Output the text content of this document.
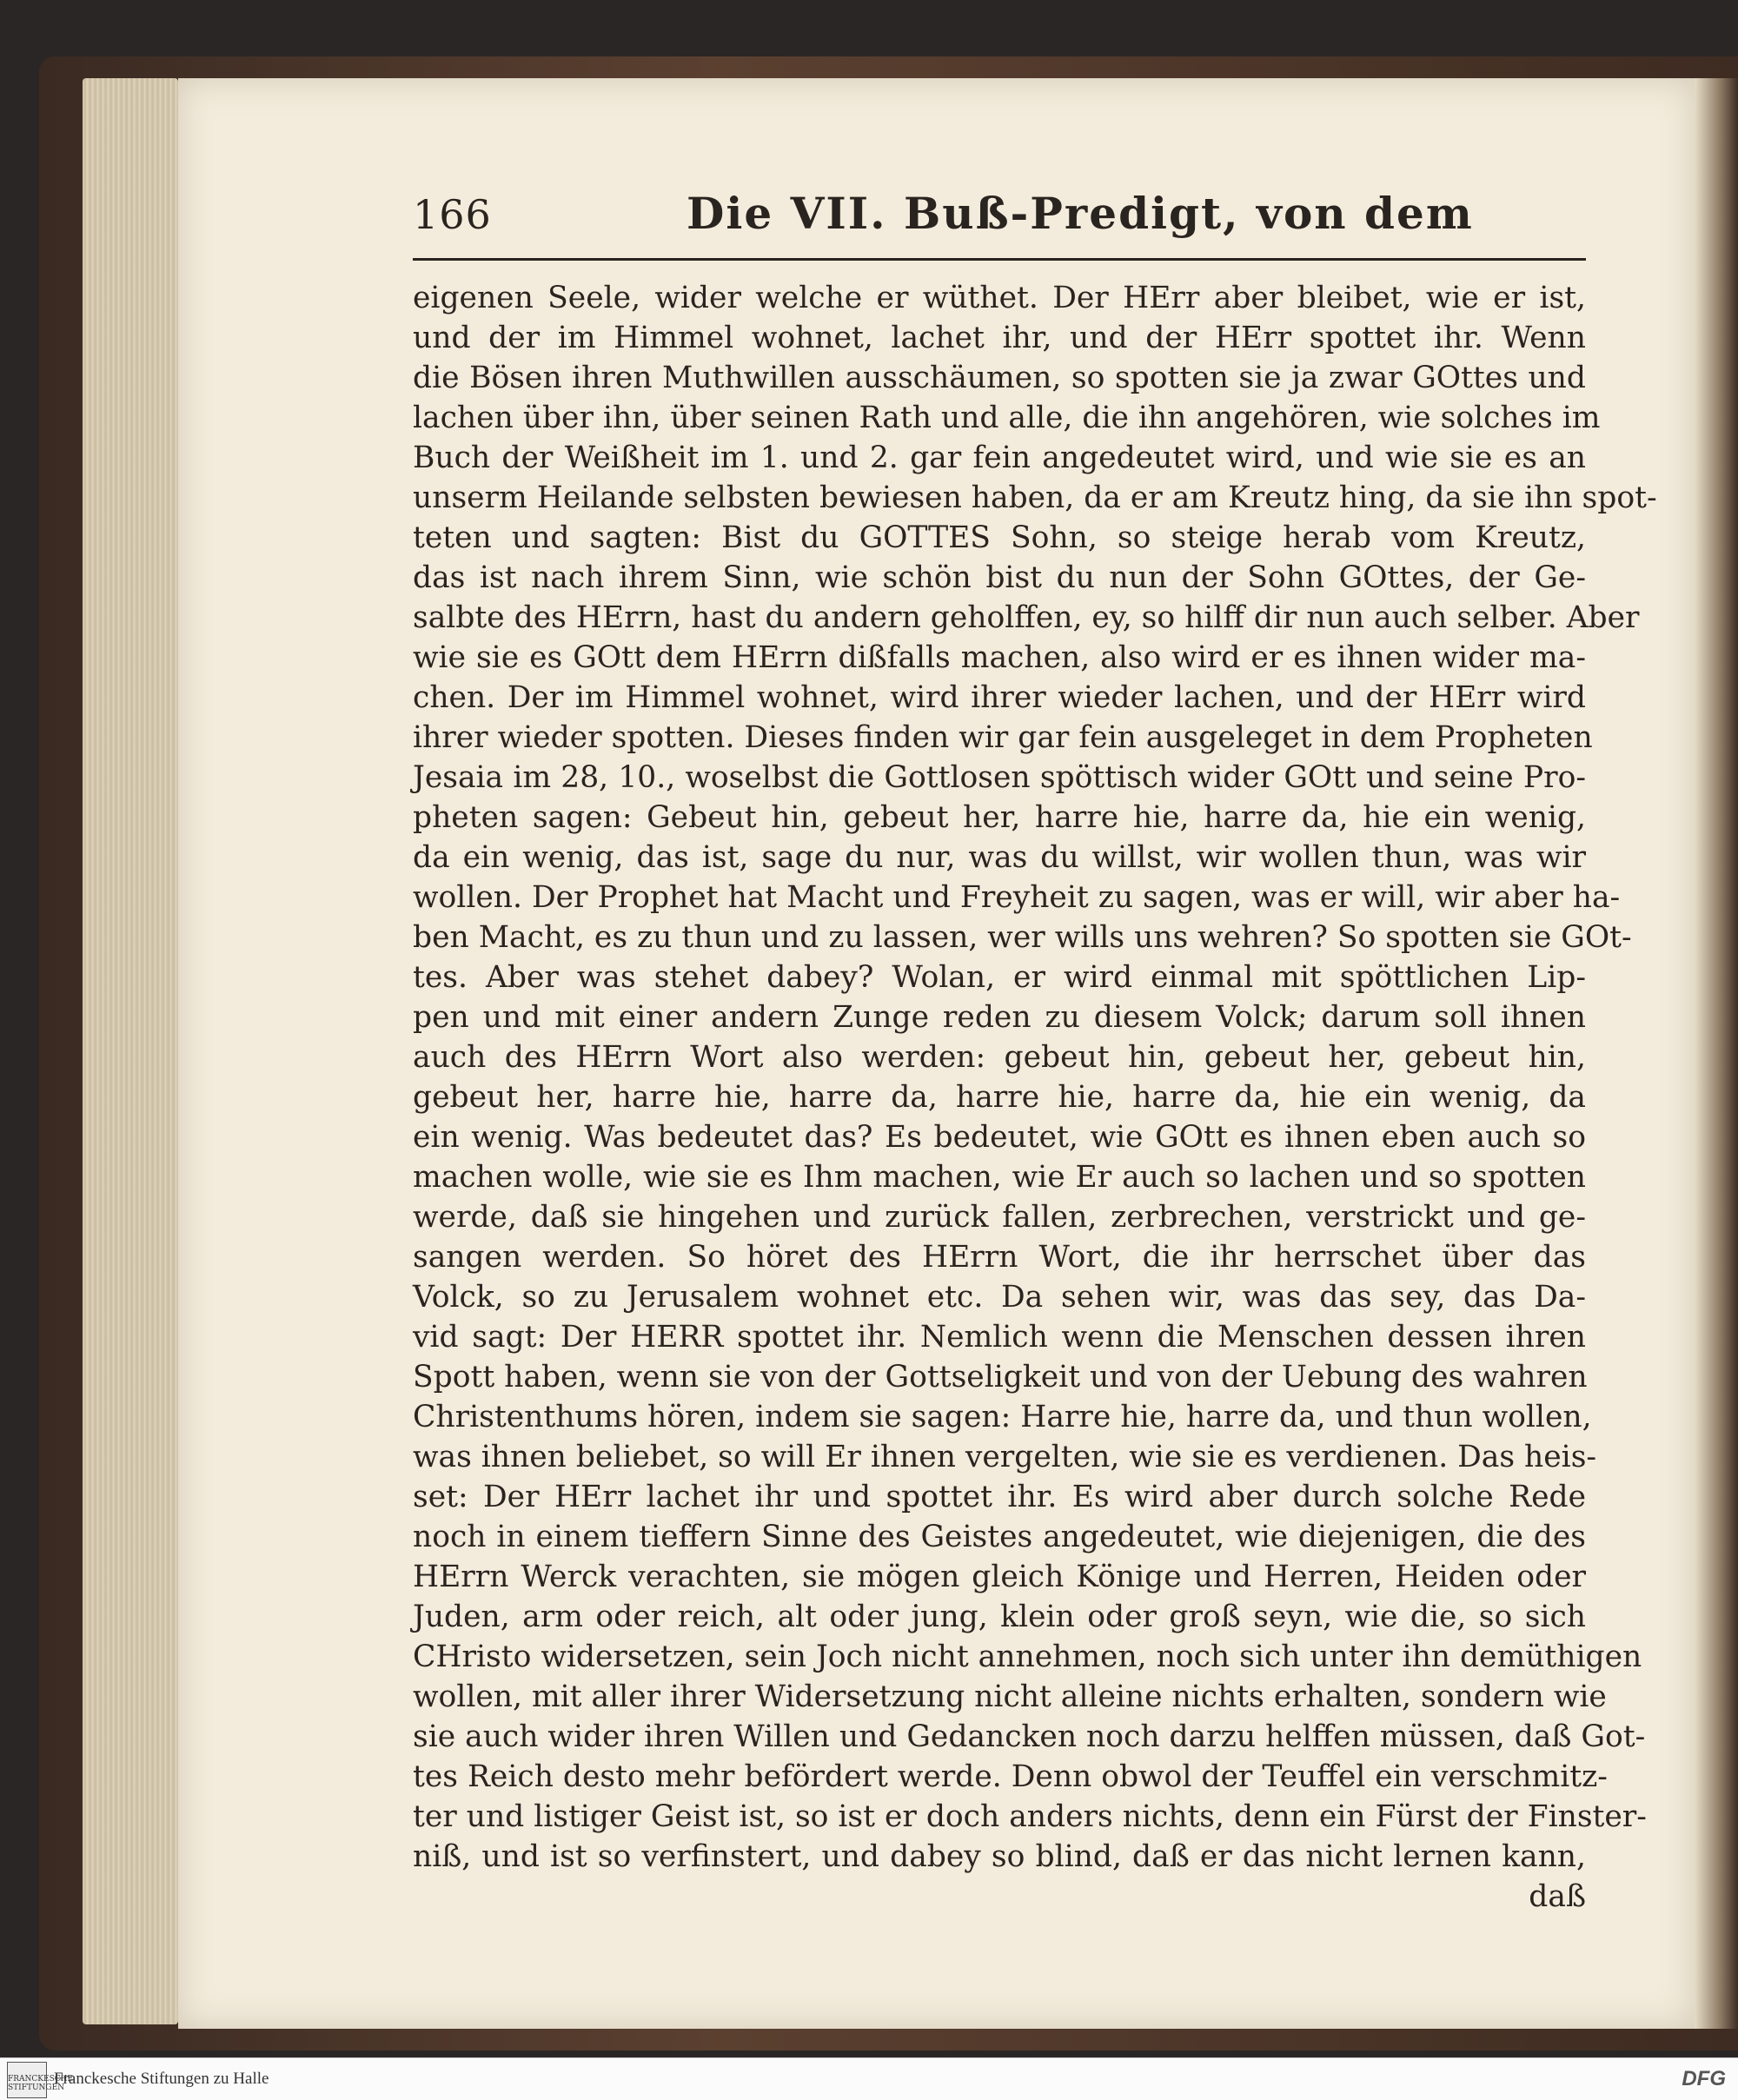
166	Die VII. Buß-Predigt, von dem
eigenen Seele, wider welche er wüthet. Der HErr aber bleibet, wie er ist,
und der im Himmel wohnet, lachet ihr, und der HErr spottet ihr. Wenn
die Bösen ihren Muthwillen ausschäumen, so spotten sie ja zwar GOttes und
lachen über ihn, über seinen Rath und alle, die ihn angehören, wie solches im
Buch der Weißheit im 1. und 2. gar fein angedeutet wird, und wie sie es an
unserm Heilande selbsten bewiesen haben, da er am Kreutz hing, da sie ihn spot-
teten und sagten: Bist du GOTTES Sohn, so steige herab vom Kreutz,
das ist nach ihrem Sinn, wie schön bist du nun der Sohn GOttes, der Ge-
salbte des HErrn, hast du andern geholffen, ey, so hilff dir nun auch selber. Aber
wie sie es GOtt dem HErrn dißfalls machen, also wird er es ihnen wider ma-
chen. Der im Himmel wohnet, wird ihrer wieder lachen, und der HErr wird
ihrer wieder spotten. Dieses finden wir gar fein ausgeleget in dem Propheten
Jesaia im 28, 10., woselbst die Gottlosen spöttisch wider GOtt und seine Pro-
pheten sagen: Gebeut hin, gebeut her, harre hie, harre da, hie ein wenig,
da ein wenig, das ist, sage du nur, was du willst, wir wollen thun, was wir
wollen. Der Prophet hat Macht und Freyheit zu sagen, was er will, wir aber ha-
ben Macht, es zu thun und zu lassen, wer wills uns wehren? So spotten sie GOt-
tes. Aber was stehet dabey? Wolan, er wird einmal mit spöttlichen Lip-
pen und mit einer andern Zunge reden zu diesem Volck; darum soll ihnen
auch des HErrn Wort also werden: gebeut hin, gebeut her, gebeut hin,
gebeut her, harre hie, harre da, harre hie, harre da, hie ein wenig, da
ein wenig. Was bedeutet das? Es bedeutet, wie GOtt es ihnen eben auch so
machen wolle, wie sie es Ihm machen, wie Er auch so lachen und so spotten
werde, daß sie hingehen und zurück fallen, zerbrechen, verstrickt und ge-
sangen werden. So höret des HErrn Wort, die ihr herrschet über das
Volck, so zu Jerusalem wohnet etc. Da sehen wir, was das sey, das Da-
vid sagt: Der HERR spottet ihr. Nemlich wenn die Menschen dessen ihren
Spott haben, wenn sie von der Gottseligkeit und von der Uebung des wahren
Christenthums hören, indem sie sagen: Harre hie, harre da, und thun wollen,
was ihnen beliebet, so will Er ihnen vergelten, wie sie es verdienen. Das heis-
set: Der HErr lachet ihr und spottet ihr. Es wird aber durch solche Rede
noch in einem tieffern Sinne des Geistes angedeutet, wie diejenigen, die des
HErrn Werck verachten, sie mögen gleich Könige und Herren, Heiden oder
Juden, arm oder reich, alt oder jung, klein oder groß seyn, wie die, so sich
CHristo widersetzen, sein Joch nicht annehmen, noch sich unter ihn demüthigen
wollen, mit aller ihrer Widersetzung nicht alleine nichts erhalten, sondern wie
sie auch wider ihren Willen und Gedancken noch darzu helffen müssen, daß Got-
tes Reich desto mehr befördert werde. Denn obwol der Teuffel ein verschmitz-
ter und listiger Geist ist, so ist er doch anders nichts, denn ein Fürst der Finster-
niß, und ist so verfinstert, und dabey so blind, daß er das nicht lernen kann,
daß
FRANCKESCHE STIFTUNGEN
Franckesche Stiftungen zu Halle	DFG
